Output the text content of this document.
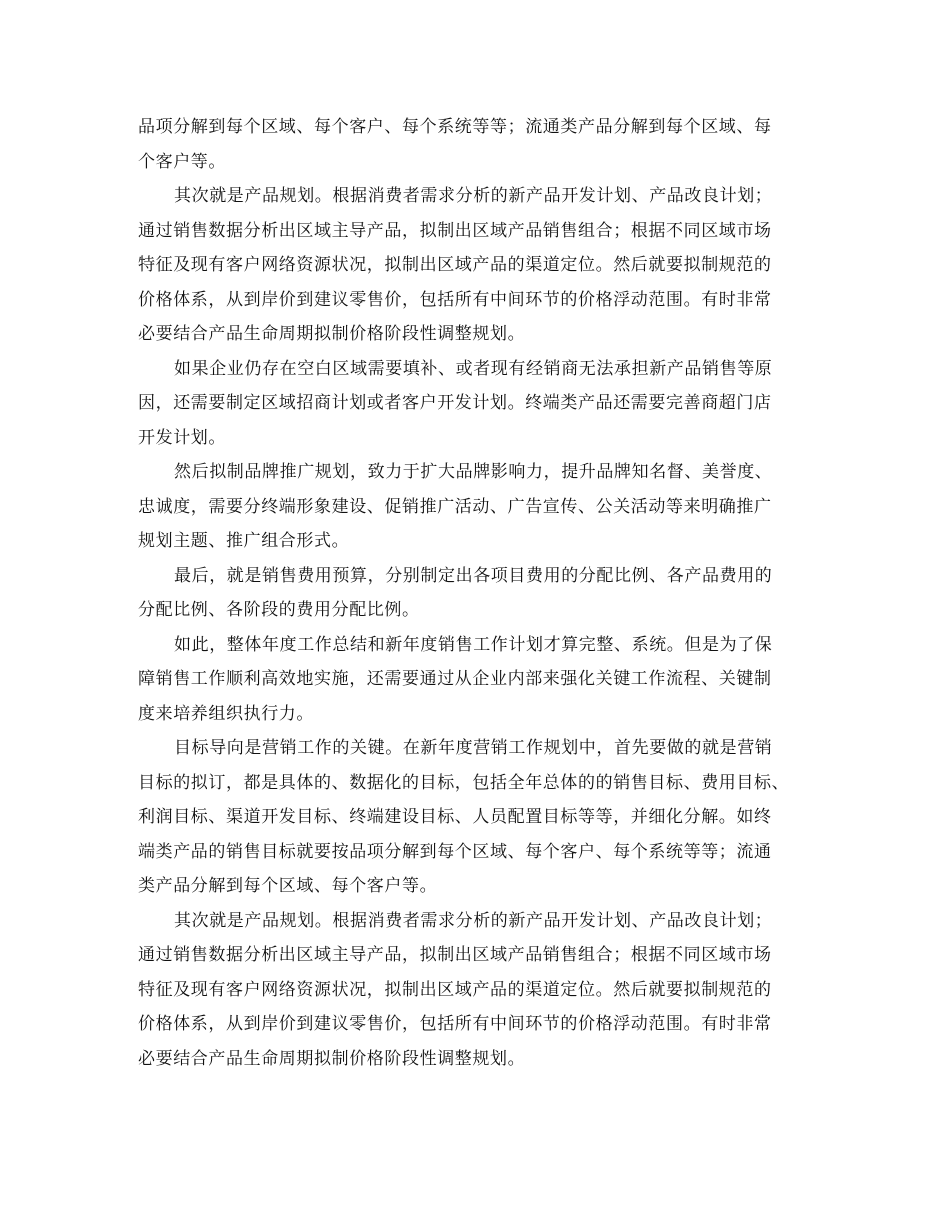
品项分解到每个区域、每个客户、每个系统等等；流通类产品分解到每个区域、每
个客户等。
其次就是产品规划。根据消费者需求分析的新产品开发计划、产品改良计划；
通过销售数据分析出区域主导产品，拟制出区域产品销售组合；根据不同区域市场
特征及现有客户网络资源状况，拟制出区域产品的渠道定位。然后就要拟制规范的
价格体系，从到岸价到建议零售价，包括所有中间环节的价格浮动范围。有时非常
必要结合产品生命周期拟制价格阶段性调整规划。
如果企业仍存在空白区域需要填补、或者现有经销商无法承担新产品销售等原
因，还需要制定区域招商计划或者客户开发计划。终端类产品还需要完善商超门店
开发计划。
然后拟制品牌推广规划，致力于扩大品牌影响力，提升品牌知名督、美誉度、
忠诚度，需要分终端形象建设、促销推广活动、广告宣传、公关活动等来明确推广
规划主题、推广组合形式。
最后，就是销售费用预算，分别制定出各项目费用的分配比例、各产品费用的
分配比例、各阶段的费用分配比例。
如此，整体年度工作总结和新年度销售工作计划才算完整、系统。但是为了保
障销售工作顺利高效地实施，还需要通过从企业内部来强化关键工作流程、关键制
度来培养组织执行力。
目标导向是营销工作的关键。在新年度营销工作规划中，首先要做的就是营销
目标的拟订，都是具体的、数据化的目标，包括全年总体的的销售目标、费用目标、
利润目标、渠道开发目标、终端建设目标、人员配置目标等等，并细化分解。如终
端类产品的销售目标就要按品项分解到每个区域、每个客户、每个系统等等；流通
类产品分解到每个区域、每个客户等。
其次就是产品规划。根据消费者需求分析的新产品开发计划、产品改良计划；
通过销售数据分析出区域主导产品，拟制出区域产品销售组合；根据不同区域市场
特征及现有客户网络资源状况，拟制出区域产品的渠道定位。然后就要拟制规范的
价格体系，从到岸价到建议零售价，包括所有中间环节的价格浮动范围。有时非常
必要结合产品生命周期拟制价格阶段性调整规划。
